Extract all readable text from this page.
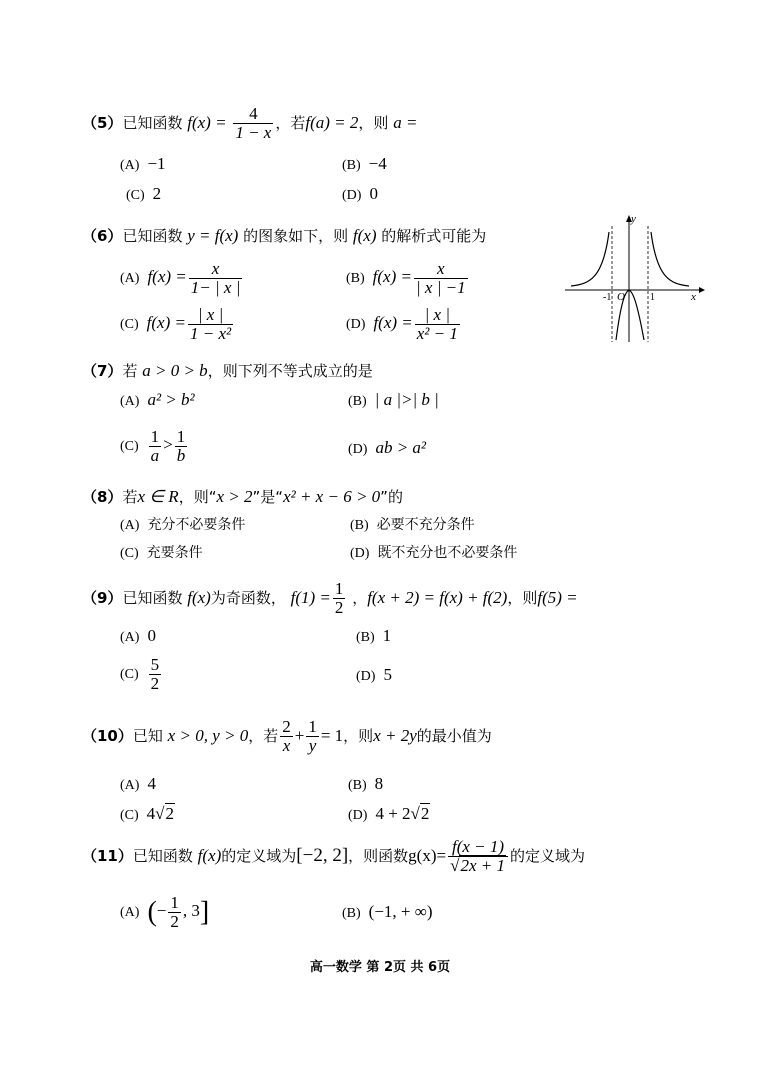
（5）已知函数 $f(x) = \frac{4}{1 - x}$ ，若f(a) = 2，则 a =
(A) −1	(B) −4
(C) 2	(D) 0
（6）已知函数 y = f(x) 的图象如下，则 f(x) 的解析式可能为
(A) $f(x) = \frac{x}{1- | x |}$	(B) $f(x) = \frac{x}{| x | -1}$
(C) $f(x) = \frac{| x |}{\text{1 − x²}}$	(D) $f(x) = \frac{| x |}{\text{x² − 1}}$
y
x
O
-1	1
（7）若 a > 0 > b，则下列不等式成立的是
(A) a² > b²	(B) | a |>| b |
$(C) \frac{1}{a} > \frac{1}{b}$	(D) ab > a²
（8）若x ∈ R，则“x > 2”是“x² + x − 6 > 0”的
(A) 充分不必要条件	(B) 必要不充分条件
(C) 充要条件	(D) 既不充分也不必要条件
（9）已知函数 f(x)为奇函数， $f(1) = \frac{1}{2}$ ，f(x + 2) = f(x) + f(2)，则f(5) =
(A) 0	(B) 1
$(C) \frac{5}{2}$	(D) 5
（10）已知 x > 0, y > 0，若 $\frac{2}{x} + \frac{1}{y} = 1$，则x + 2y的最小值为
(A) 4	(B) 8
(C) 4√2	(D) 4 + 2√2
（11）已知函数 f(x)的定义域为[−2, 2]，则函数$g(x)= \frac{f(x - 1)}{√2x + 1}$ 的定义域为
(A) (− $\frac{1}{2}$ , 3]	(B) (−1, + ∞)
高一数学 第 2页 共 6页
